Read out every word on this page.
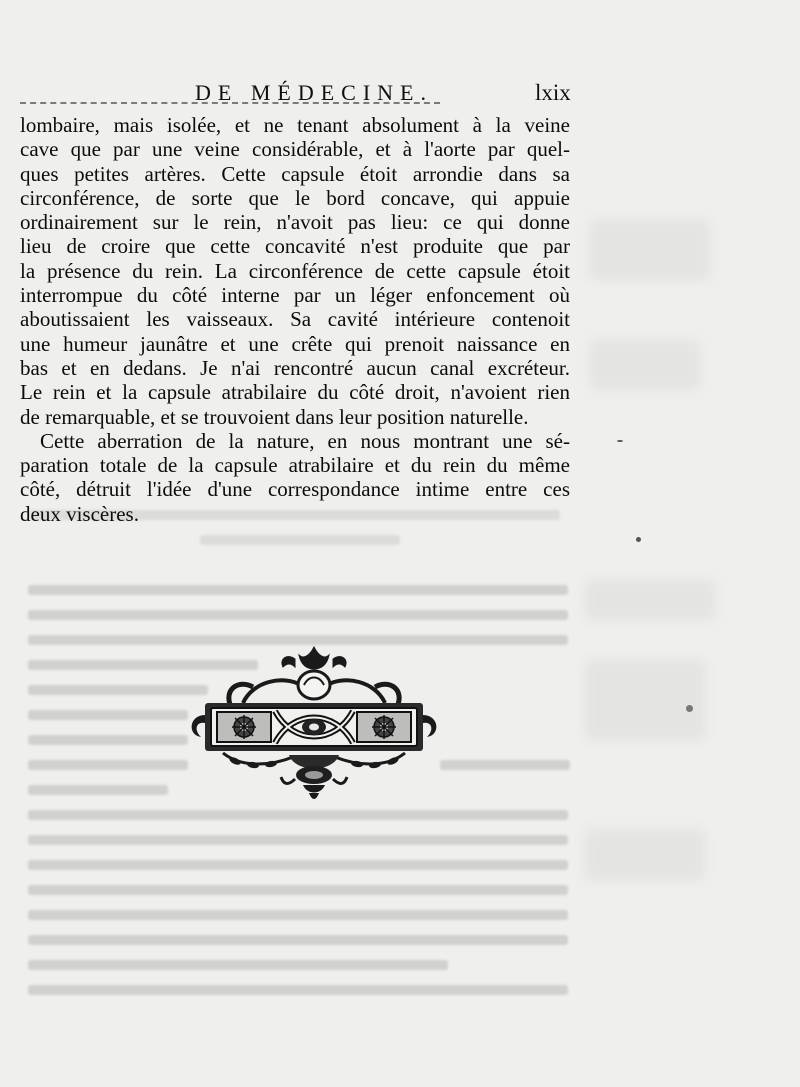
DE MÉDECINE.	lxix
lombaire, mais isolée, et ne tenant absolument à la veine
cave que par une veine considérable, et à l'aorte par quel-
ques petites artères. Cette capsule étoit arrondie dans sa
circonférence, de sorte que le bord concave, qui appuie
ordinairement sur le rein, n'avoit pas lieu: ce qui donne
lieu de croire que cette concavité n'est produite que par
la présence du rein. La circonférence de cette capsule étoit
interrompue du côté interne par un léger enfoncement où
aboutissaient les vaisseaux. Sa cavité intérieure contenoit
une humeur jaunâtre et une crête qui prenoit naissance en
bas et en dedans. Je n'ai rencontré aucun canal excréteur.
Le rein et la capsule atrabilaire du côté droit, n'avoient rien
de remarquable, et se trouvoient dans leur position naturelle.
Cette aberration de la nature, en nous montrant une sé-
paration totale de la capsule atrabilaire et du rein du même
côté, détruit l'idée d'une correspondance intime entre ces
deux viscères.
